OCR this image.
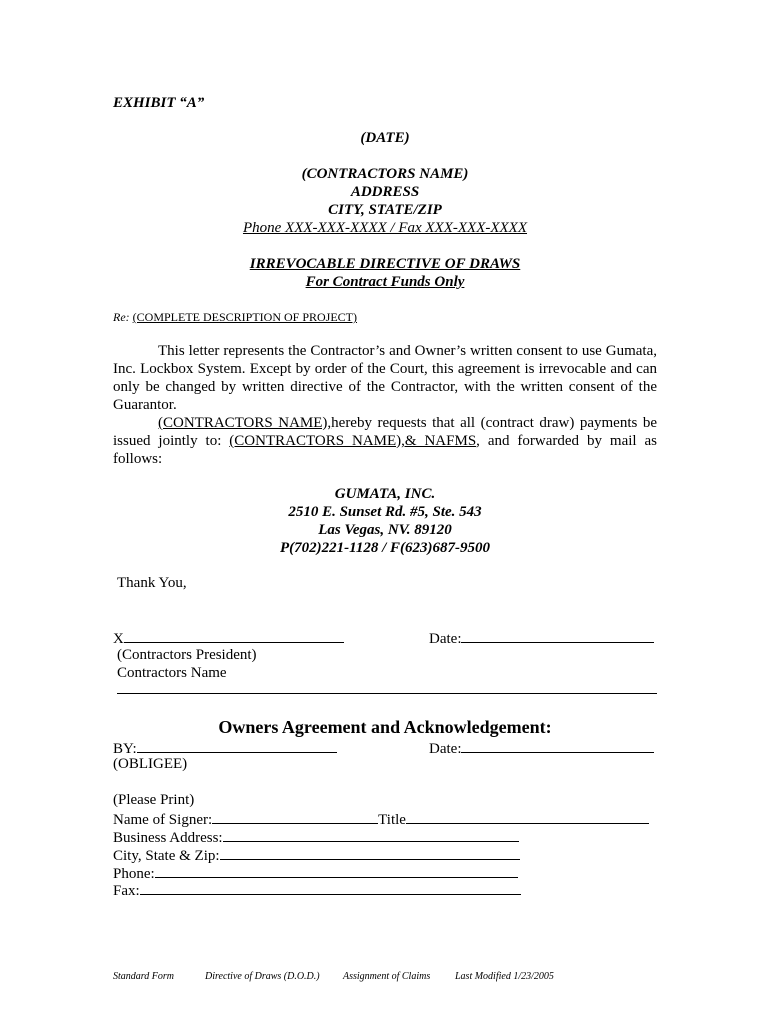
EXHIBIT “A”
(DATE)
(CONTRACTORS NAME)
ADDRESS
CITY, STATE/ZIP
Phone XXX-XXX-XXXX / Fax XXX-XXX-XXXX
IRREVOCABLE DIRECTIVE OF DRAWS
For Contract Funds Only
Re: (COMPLETE DESCRIPTION OF PROJECT)

This letter represents the Contractor’s and Owner’s written consent to use Gumata, Inc. Lockbox System. Except by order of the Court, this agreement is irrevocable and can only be changed by written directive of the Contractor, with the written consent of the Guarantor.

(CONTRACTORS NAME),hereby requests that all (contract draw) payments be issued jointly to: (CONTRACTORS NAME),& NAFMS, and forwarded by mail as follows:

GUMATA, INC.
2510 E. Sunset Rd. #5, Ste. 543
Las Vegas, NV. 89120
P(702)221-1128 / F(623)687-9500
Thank You,
X	Date:
(Contractors President)
Contractors Name
Owners Agreement and Acknowledgement:
BY:	Date:
(OBLIGEE)
(Please Print)
Name of Signer:	Title
Business Address:
City, State & Zip:
Phone:
Fax:
Standard Form	Directive of Draws (D.O.D.) Assignment of Claims Last Modified 1/23/2005
